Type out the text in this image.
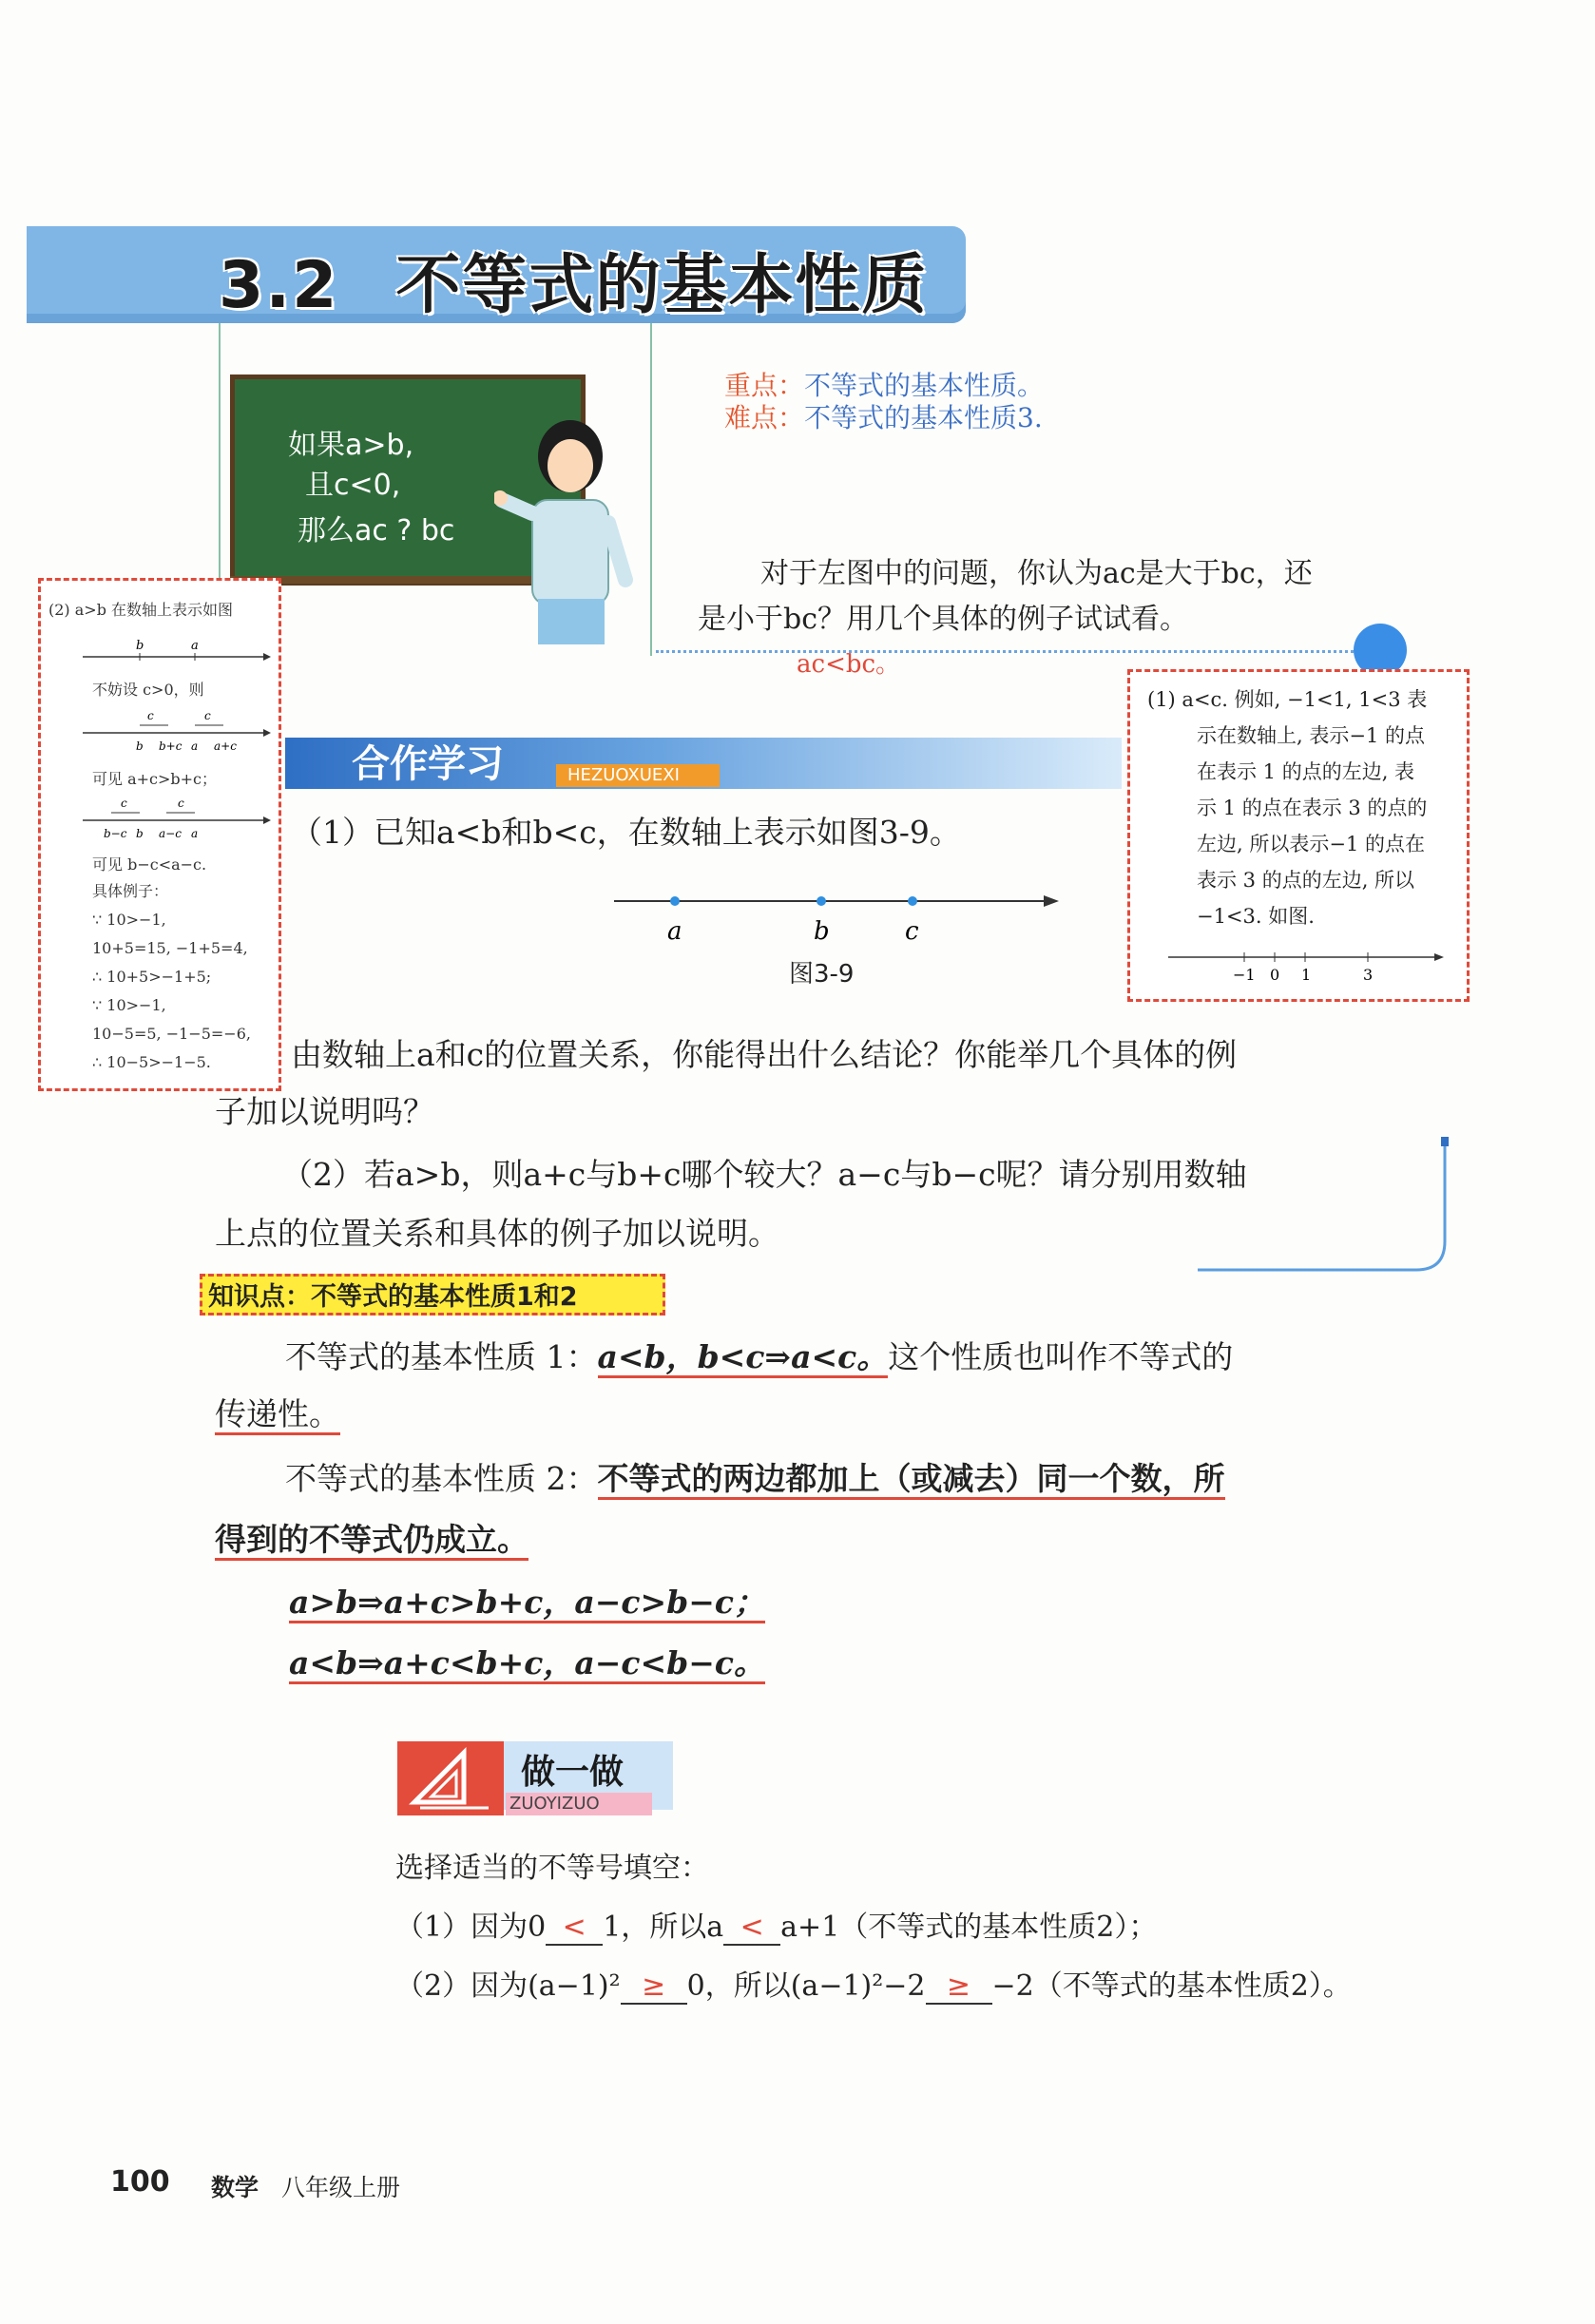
3.2 不等式的基本性质
如果a>b,
且c<0,
那么ac ? bc
重点：不等式的基本性质。
难点：不等式的基本性质3.
对于左图中的问题，你认为ac是大于bc，还
是小于bc？用几个具体的例子试试看。
ac<bc。
(2) a>b 在数轴上表示如图
b	a
不妨设 c>0，则
c	c
b b+c a a+c
可见 a+c>b+c；
c	c
b−c b a−c a
可见 b−c<a−c.
具体例子：
∵ 10>−1,
10+5=15, −1+5=4,
∴ 10+5>−1+5;
∵ 10>−1,
10−5=5, −1−5=−6,
∴ 10−5>−1−5.
(1) a<c. 例如, −1<1, 1<3 表
示在数轴上, 表示−1 的点
在表示 1 的点的左边, 表
示 1 的点在表示 3 的点的
左边, 所以表示−1 的点在
表示 3 的点的左边, 所以
−1<3. 如图.
−1 0 1	3
合作学习	HEZUOXUEXI
（1）已知a<b和b<c，在数轴上表示如图3-9。
a	b	c
图3-9
由数轴上a和c的位置关系，你能得出什么结论？你能举几个具体的例
子加以说明吗？
（2）若a>b，则a+c与b+c哪个较大？a−c与b−c呢？请分别用数轴
上点的位置关系和具体的例子加以说明。
知识点：不等式的基本性质1和2
不等式的基本性质 1：a<b，b<c⇒a<c。这个性质也叫作不等式的
传递性。
不等式的基本性质 2：不等式的两边都加上（或减去）同一个数，所
得到的不等式仍成立。
a>b⇒a+c>b+c，a−c>b−c；
a<b⇒a+c<b+c，a−c<b−c。
做一做
ZUOYIZUO
选择适当的不等号填空：
（1）因为0 < 1，所以a < a+1（不等式的基本性质2）；
（2）因为(a−1)² ≥ 0，所以(a−1)²−2 ≥ −2（不等式的基本性质2）。
100 数学 八年级上册
